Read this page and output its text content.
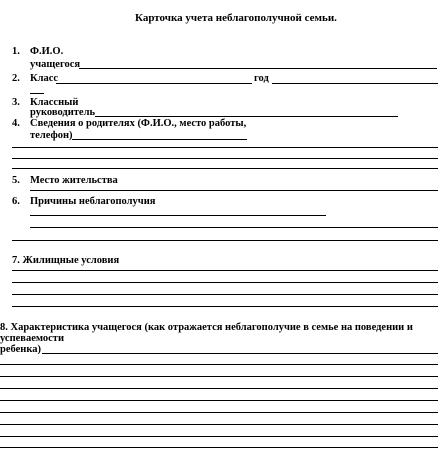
Карточка учета неблагополучной семьи.
1. Ф.И.О.
учащегося
2. Класс	год
3. Классный
руководитель
4. Сведения о родителях (Ф.И.О., место работы,
телефон)
5. Место жительства
6. Причины неблагополучия
7. Жилищные условия
8. Характеристика учащегося (как отражается неблагополучие в семье на поведении и
успеваемости
ребенка)
